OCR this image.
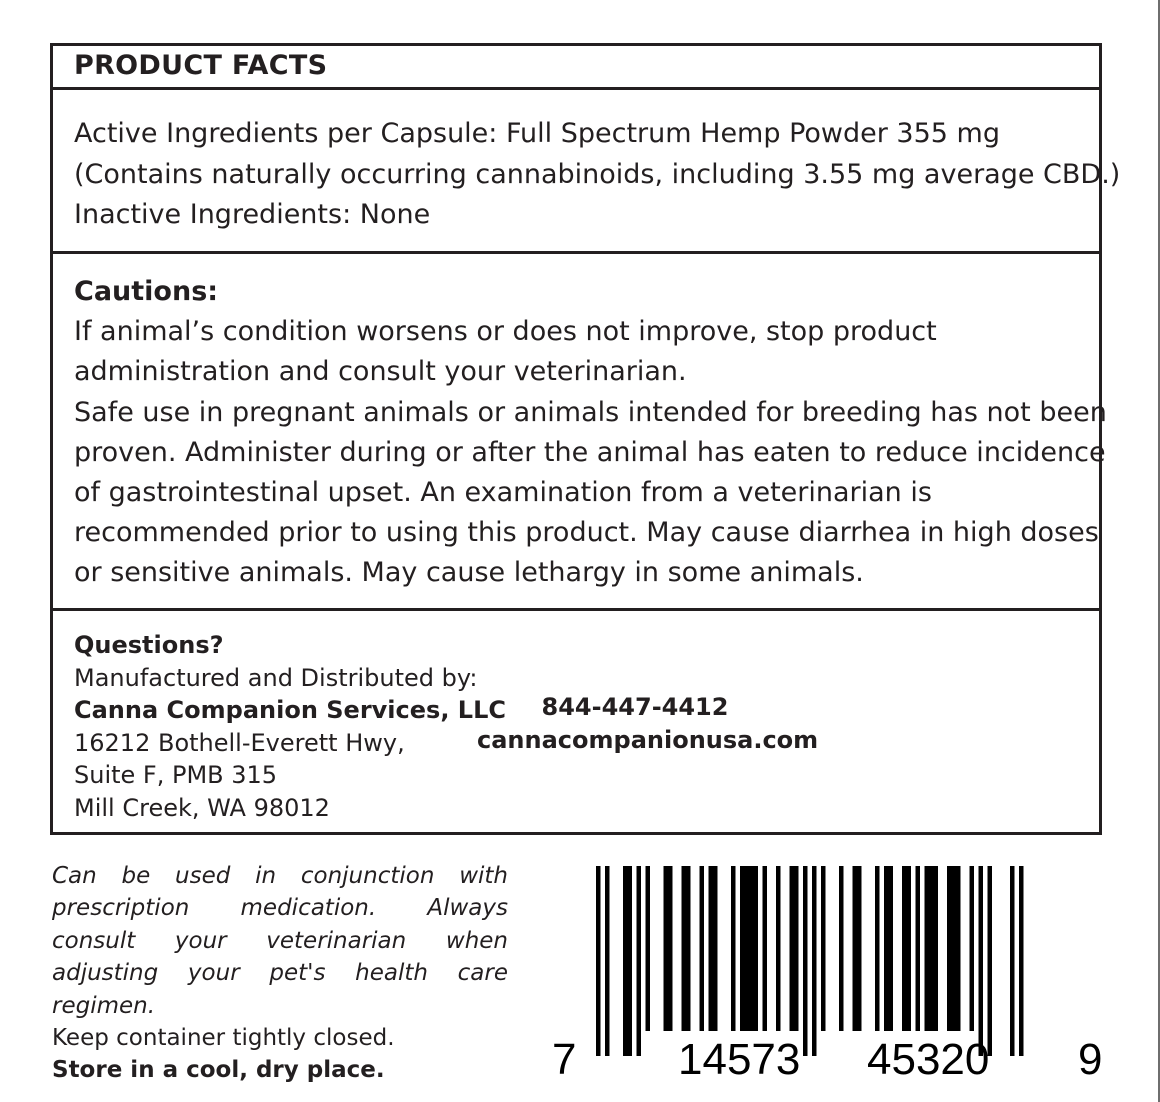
PRODUCT FACTS
Active Ingredients per Capsule: Full Spectrum Hemp Powder 355 mg
(Contains naturally occurring cannabinoids, including 3.55 mg average CBD.)
Inactive Ingredients: None
Cautions:
If animal’s condition worsens or does not improve, stop product
administration and consult your veterinarian.
Safe use in pregnant animals or animals intended for breeding has not been
proven. Administer during or after the animal has eaten to reduce incidence
of gastrointestinal upset. An examination from a veterinarian is
recommended prior to using this product. May cause diarrhea in high doses
or sensitive animals. May cause lethargy in some animals.
Questions?
Manufactured and Distributed by:
Canna Companion Services, LLC
16212 Bothell-Everett Hwy,
Suite F, PMB 315
Mill Creek, WA 98012
844-447-4412
cannacompanionusa.com
Can be used in conjunction with prescription medication. Always consult your veterinarian when adjusting your pet's health care regimen.
Keep container tightly closed.
Store in a cool, dry place.	7 14573 45320 9
